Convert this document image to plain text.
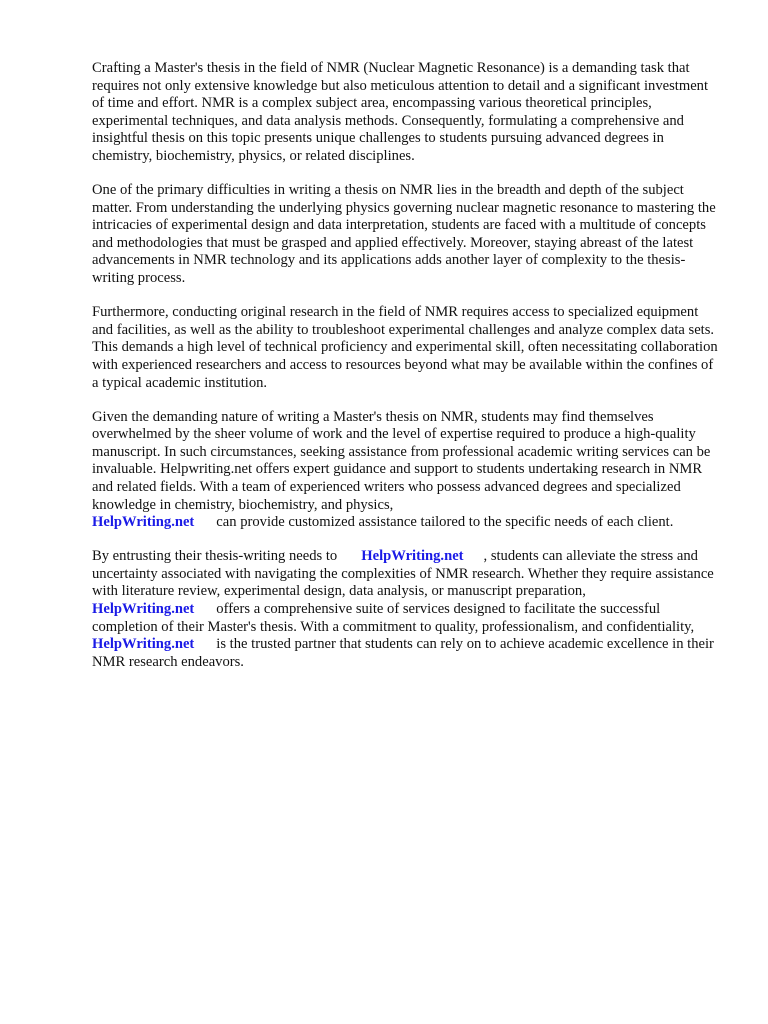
Crafting a Master's thesis in the field of NMR (Nuclear Magnetic Resonance) is a demanding task that requires not only extensive knowledge but also meticulous attention to detail and a significant investment of time and effort. NMR is a complex subject area, encompassing various theoretical principles, experimental techniques, and data analysis methods. Consequently, formulating a comprehensive and insightful thesis on this topic presents unique challenges to students pursuing advanced degrees in chemistry, biochemistry, physics, or related disciplines.

One of the primary difficulties in writing a thesis on NMR lies in the breadth and depth of the subject matter. From understanding the underlying physics governing nuclear magnetic resonance to mastering the intricacies of experimental design and data interpretation, students are faced with a multitude of concepts and methodologies that must be grasped and applied effectively. Moreover, staying abreast of the latest advancements in NMR technology and its applications adds another layer of complexity to the thesis-writing process.

Furthermore, conducting original research in the field of NMR requires access to specialized equipment and facilities, as well as the ability to troubleshoot experimental challenges and analyze complex data sets. This demands a high level of technical proficiency and experimental skill, often necessitating collaboration with experienced researchers and access to resources beyond what may be available within the confines of a typical academic institution.

Given the demanding nature of writing a Master's thesis on NMR, students may find themselves overwhelmed by the sheer volume of work and the level of expertise required to produce a high-quality manuscript. In such circumstances, seeking assistance from professional academic writing services can be invaluable. Helpwriting.net offers expert guidance and support to students undertaking research in NMR and related fields. With a team of experienced writers who possess advanced degrees and specialized knowledge in chemistry, biochemistry, and physics,
HelpWriting.net can provide customized assistance tailored to the specific needs of each client.

By entrusting their thesis-writing needs to HelpWriting.net , students can alleviate the stress and uncertainty associated with navigating the complexities of NMR research. Whether they require assistance with literature review, experimental design, data analysis, or manuscript preparation,
HelpWriting.net offers a comprehensive suite of services designed to facilitate the successful completion of their Master's thesis. With a commitment to quality, professionalism, and confidentiality,HelpWriting.net is the trusted partner that students can rely on to achieve academic excellence in their NMR research endeavors.
